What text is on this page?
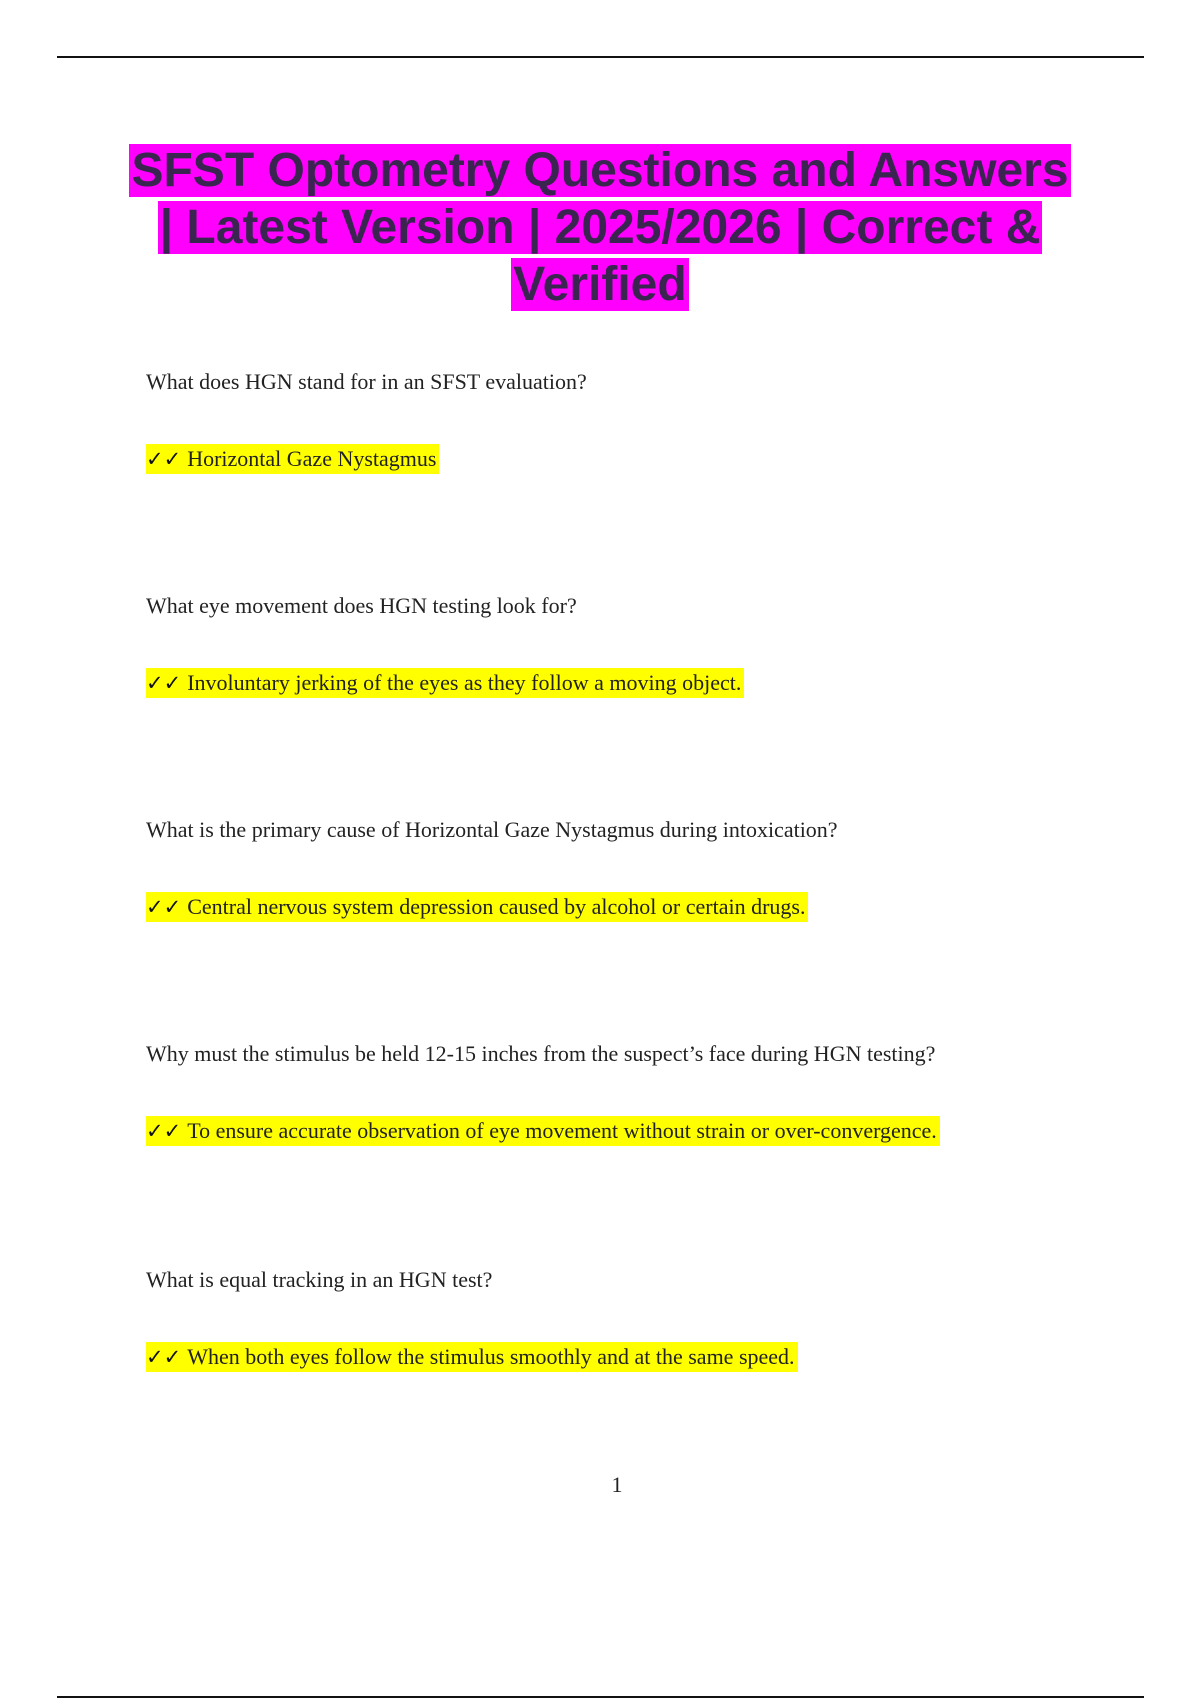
SFST Optometry Questions and Answers | Latest Version | 2025/2026 | Correct & Verified

What does HGN stand for in an SFST evaluation?

✓✓ Horizontal Gaze Nystagmus

What eye movement does HGN testing look for?

✓✓ Involuntary jerking of the eyes as they follow a moving object.

What is the primary cause of Horizontal Gaze Nystagmus during intoxication?

✓✓ Central nervous system depression caused by alcohol or certain drugs.

Why must the stimulus be held 12-15 inches from the suspect’s face during HGN testing?

✓✓ To ensure accurate observation of eye movement without strain or over-convergence.

What is equal tracking in an HGN test?

✓✓ When both eyes follow the stimulus smoothly and at the same speed.
1
